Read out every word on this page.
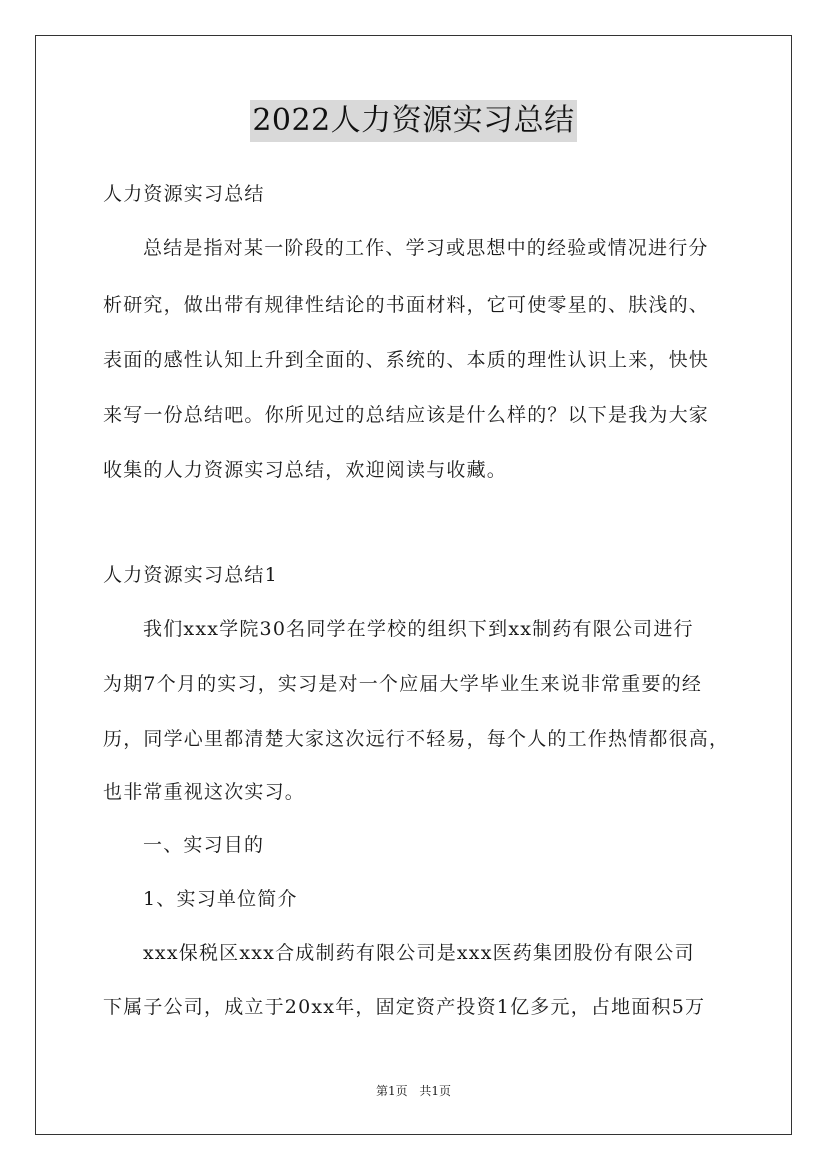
2022人力资源实习总结
人力资源实习总结
总结是指对某一阶段的工作、学习或思想中的经验或情况进行分
析研究，做出带有规律性结论的书面材料，它可使零星的、肤浅的、
表面的感性认知上升到全面的、系统的、本质的理性认识上来，快快
来写一份总结吧。你所见过的总结应该是什么样的？以下是我为大家
收集的人力资源实习总结，欢迎阅读与收藏。
人力资源实习总结1
我们xxx学院30名同学在学校的组织下到xx制药有限公司进行
为期7个月的实习，实习是对一个应届大学毕业生来说非常重要的经
历，同学心里都清楚大家这次远行不轻易，每个人的工作热情都很高，
也非常重视这次实习。
一、实习目的
1、实习单位简介
xxx保税区xxx合成制药有限公司是xxx医药集团股份有限公司
下属子公司，成立于20xx年，固定资产投资1亿多元，占地面积5万
第1页 共1页
